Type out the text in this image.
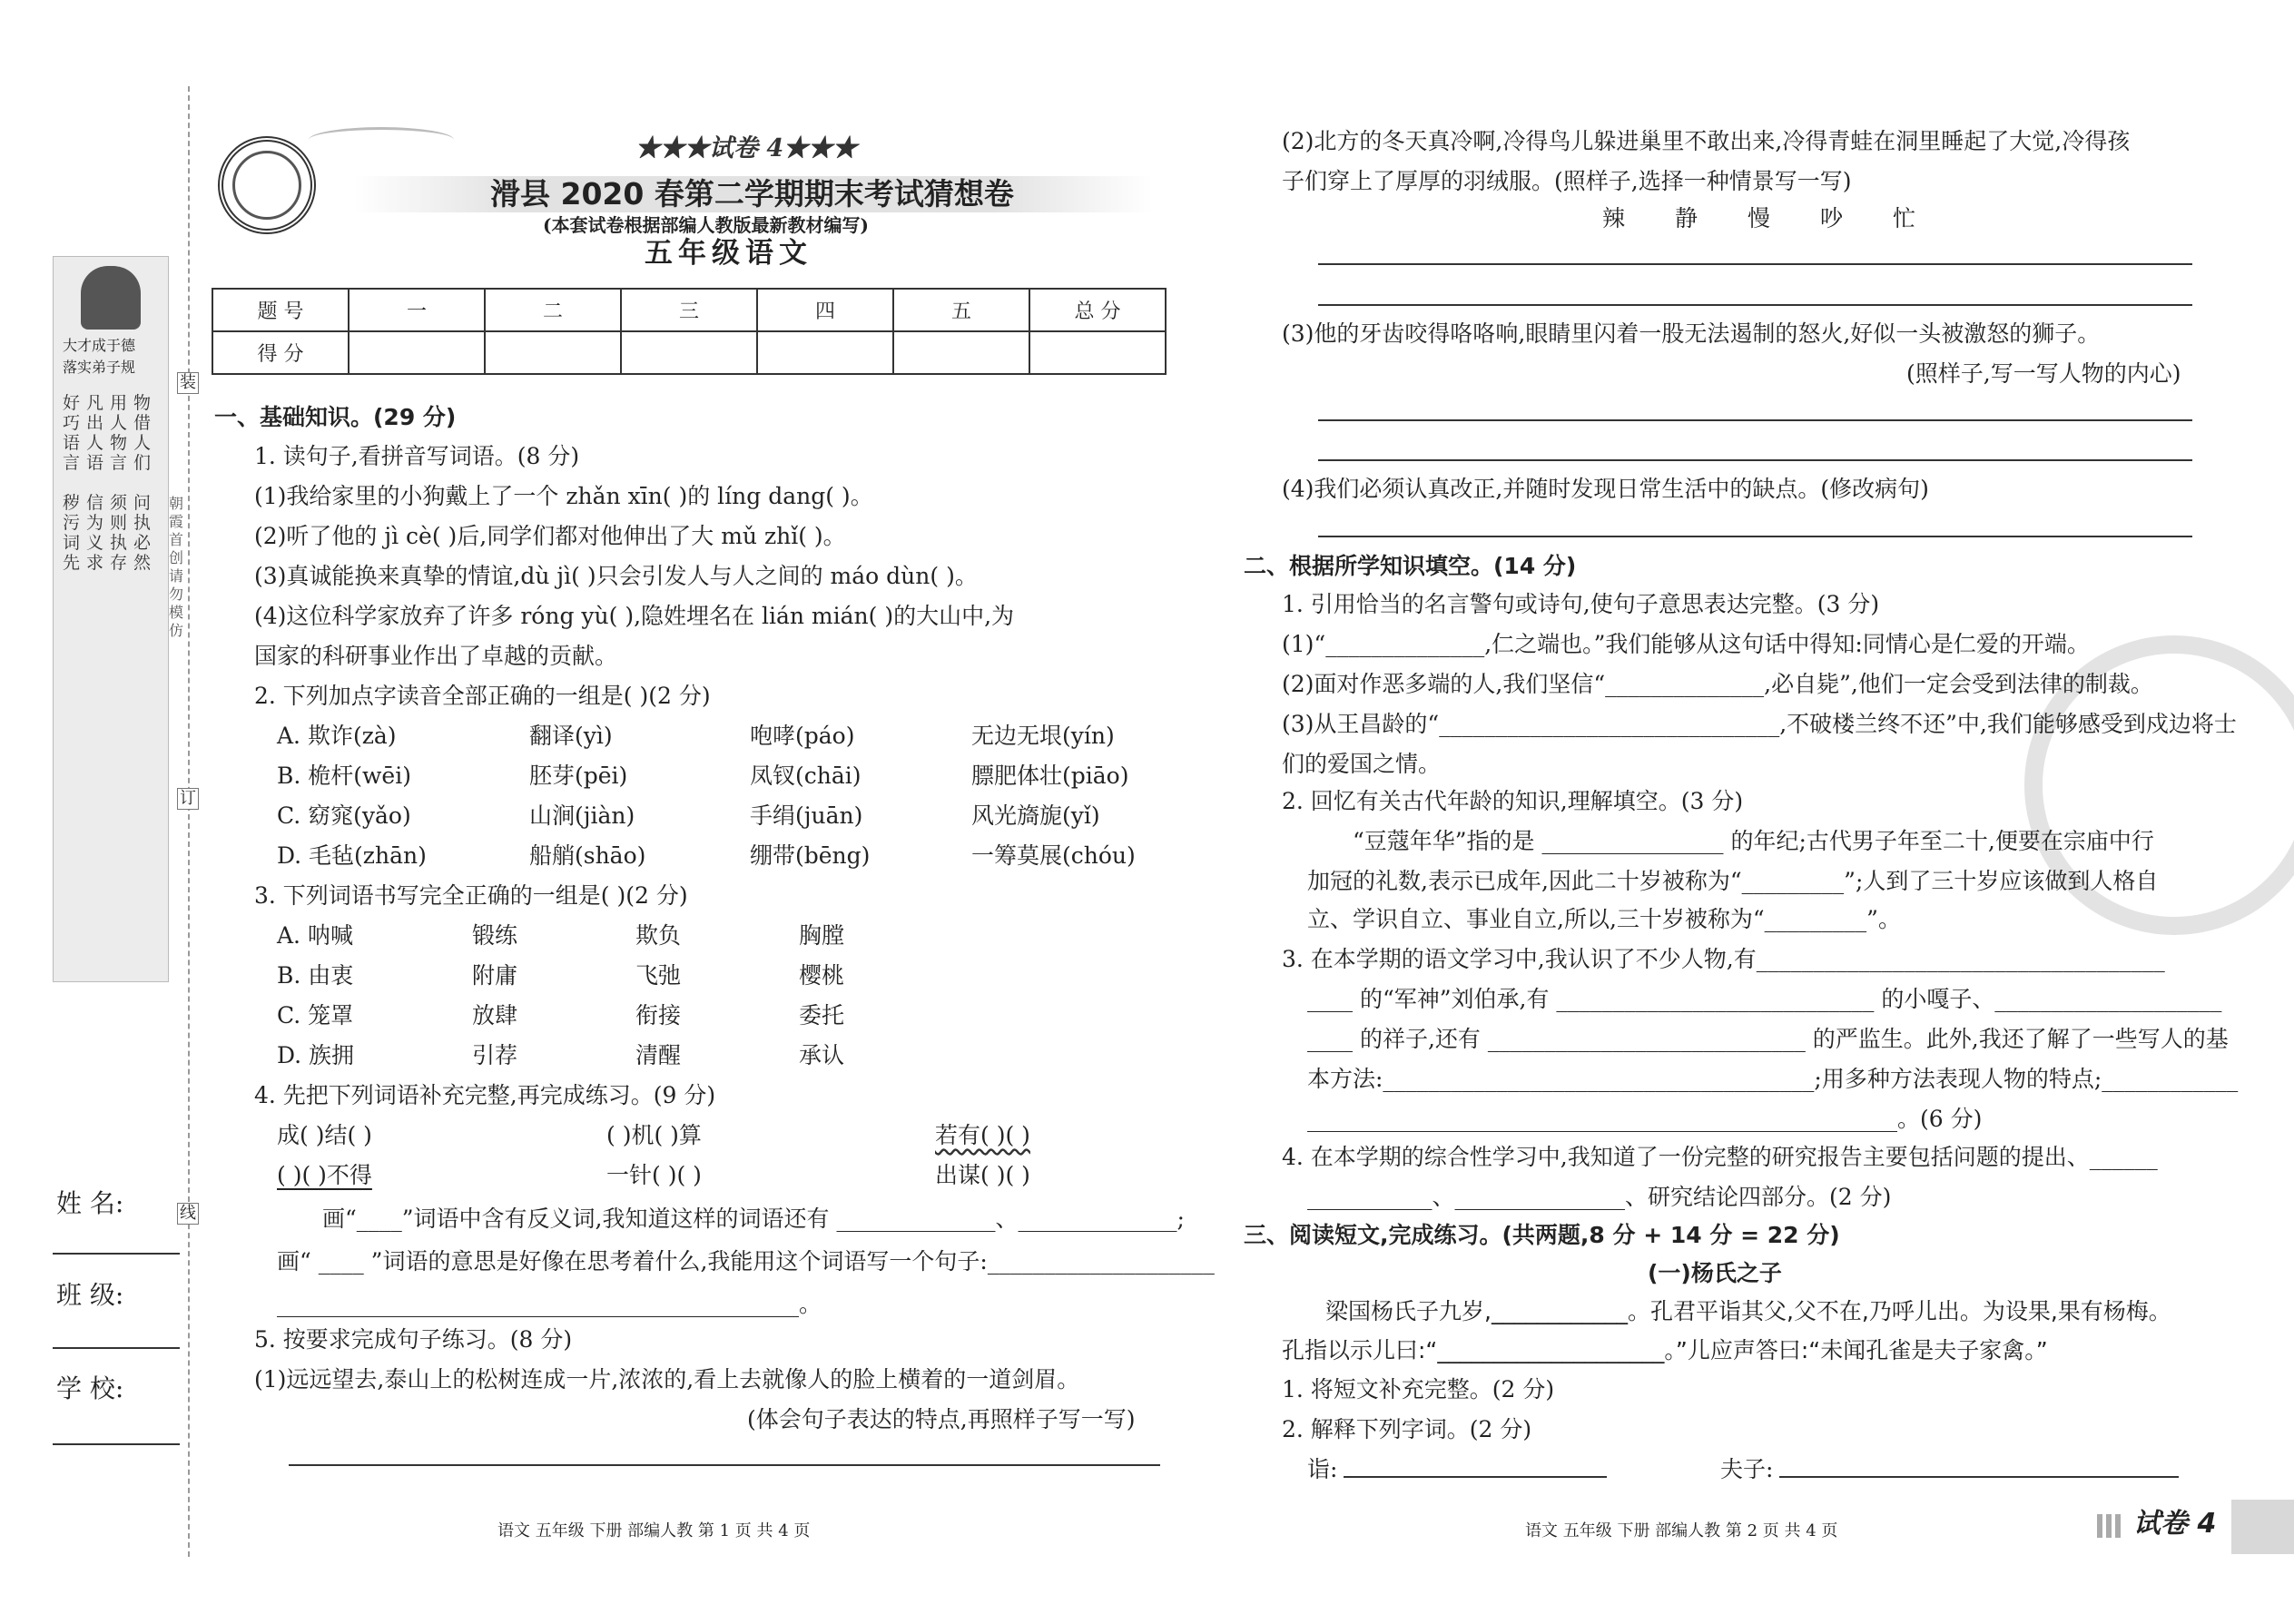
大才成于德
落实弟子规
好巧语言
凡出人语
用人物言
物借人们
秽污词先
信为义求
须则执存
问执必然
装
订
线
朝霞首创 请勿模仿
姓 名:
班 级:
学 校:
★★★试卷 4★★★
滑县 2020 春第二学期期末考试猜想卷
(本套试卷根据部编人教版最新教材编写)
五年级语文
题 号	一	二	三	四	五	总 分
得 分						
一、基础知识。(29 分)
1. 读句子,看拼音写词语。(8 分)
(1)我给家里的小狗戴上了一个 zhǎn xīn( )的 líng dang( )。
(2)听了他的 jì cè( )后,同学们都对他伸出了大 mǔ zhǐ( )。
(3)真诚能换来真挚的情谊,dù jì( )只会引发人与人之间的 máo dùn( )。
(4)这位科学家放弃了许多 róng yù( ),隐姓埋名在 lián mián( )的大山中,为
国家的科研事业作出了卓越的贡献。
2. 下列加点字读音全部正确的一组是( )(2 分)
A. 欺诈(zà)	翻译(yì)	咆哮(páo)	无边无垠(yín)
B. 桅杆(wēi)	胚芽(pēi)	凤钗(chāi)	膘肥体壮(piāo)
C. 窈窕(yǎo)	山涧(jiàn)	手绢(juān)	风光旖旎(yǐ)
D. 毛毡(zhān)	船艄(shāo)	绷带(bēng)	一筹莫展(chóu)
3. 下列词语书写完全正确的一组是( )(2 分)
A. 呐喊	锻练	欺负	胸膛
B. 由衷	附庸	飞弛	樱桃
C. 笼罩	放肆	衔接	委托
D. 族拥	引荐	清醒	承认
4. 先把下列词语补充完整,再完成练习。(9 分)
成( )结( )	( )机( )算	若有( )( )
( )( )不得	一针( )( )	出谋( )( )
画“____”词语中含有反义词,我知道这样的词语还有 ______________、______________;
画“ ____ ”词语的意思是好像在思考着什么,我能用这个词语写一个句子:____________________
______________________________________________。
5. 按要求完成句子练习。(8 分)
(1)远远望去,泰山上的松树连成一片,浓浓的,看上去就像人的脸上横着的一道剑眉。
(体会句子表达的特点,再照样子写一写)
语文 五年级 下册 部编人教 第 1 页 共 4 页
(2)北方的冬天真冷啊,冷得鸟儿躲进巢里不敢出来,冷得青蛙在洞里睡起了大觉,冷得孩
子们穿上了厚厚的羽绒服。(照样子,选择一种情景写一写)
辣 静 慢 吵 忙
(3)他的牙齿咬得咯咯响,眼睛里闪着一股无法遏制的怒火,好似一头被激怒的狮子。
(照样子,写一写人物的内心)
(4)我们必须认真改正,并随时发现日常生活中的缺点。(修改病句)
二、根据所学知识填空。(14 分)
1. 引用恰当的名言警句或诗句,使句子意思表达完整。(3 分)
(1)“______________,仁之端也。”我们能够从这句话中得知:同情心是仁爱的开端。
(2)面对作恶多端的人,我们坚信“______________,必自毙”,他们一定会受到法律的制裁。
(3)从王昌龄的“______________________________,不破楼兰终不还”中,我们能够感受到戍边将士
们的爱国之情。
2. 回忆有关古代年龄的知识,理解填空。(3 分)
“豆蔻年华”指的是 ________________ 的年纪;古代男子年至二十,便要在宗庙中行
加冠的礼数,表示已成年,因此二十岁被称为“_________”;人到了三十岁应该做到人格自
立、学识自立、事业自立,所以,三十岁被称为“_________”。
3. 在本学期的语文学习中,我认识了不少人物,有____________________________________
____ 的“军神”刘伯承,有 ____________________________ 的小嘎子、____________________
____ 的祥子,还有 ____________________________ 的严监生。此外,我还了解了一些写人的基
本方法:______________________________________;用多种方法表现人物的特点;____________
____________________________________________________。(6 分)
4. 在本学期的综合性学习中,我知道了一份完整的研究报告主要包括问题的提出、______
___________、_______________、研究结论四部分。(2 分)
三、阅读短文,完成练习。(共两题,8 分 + 14 分 = 22 分)
(一)杨氏之子
梁国杨氏子九岁,____________。孔君平诣其父,父不在,乃呼儿出。为设果,果有杨梅。
孔指以示儿曰:“____________________。”儿应声答曰:“未闻孔雀是夫子家禽。”
1. 将短文补充完整。(2 分)
2. 解释下列字词。(2 分)
诣:	夫子:
语文 五年级 下册 部编人教 第 2 页 共 4 页	试卷 4
